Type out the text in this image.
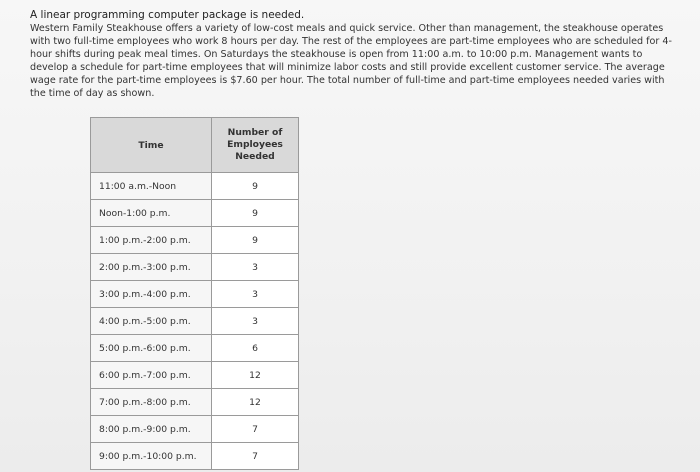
A linear programming computer package is needed.
Western Family Steakhouse offers a variety of low-cost meals and quick service. Other than management, the steakhouse operates with two full-time employees who work 8 hours per day. The rest of the employees are part-time employees who are scheduled for 4-hour shifts during peak meal times. On Saturdays the steakhouse is open from 11:00 a.m. to 10:00 p.m. Management wants to develop a schedule for part-time employees that will minimize labor costs and still provide excellent customer service. The average wage rate for the part-time employees is $7.60 per hour. The total number of full-time and part-time employees needed varies with the time of day as shown.
Time	Number of Employees Needed
11:00 a.m.-Noon	9
Noon-1:00 p.m.	9
1:00 p.m.-2:00 p.m.	9
2:00 p.m.-3:00 p.m.	3
3:00 p.m.-4:00 p.m.	3
4:00 p.m.-5:00 p.m.	3
5:00 p.m.-6:00 p.m.	6
6:00 p.m.-7:00 p.m.	12
7:00 p.m.-8:00 p.m.	12
8:00 p.m.-9:00 p.m.	7
9:00 p.m.-10:00 p.m.	7
